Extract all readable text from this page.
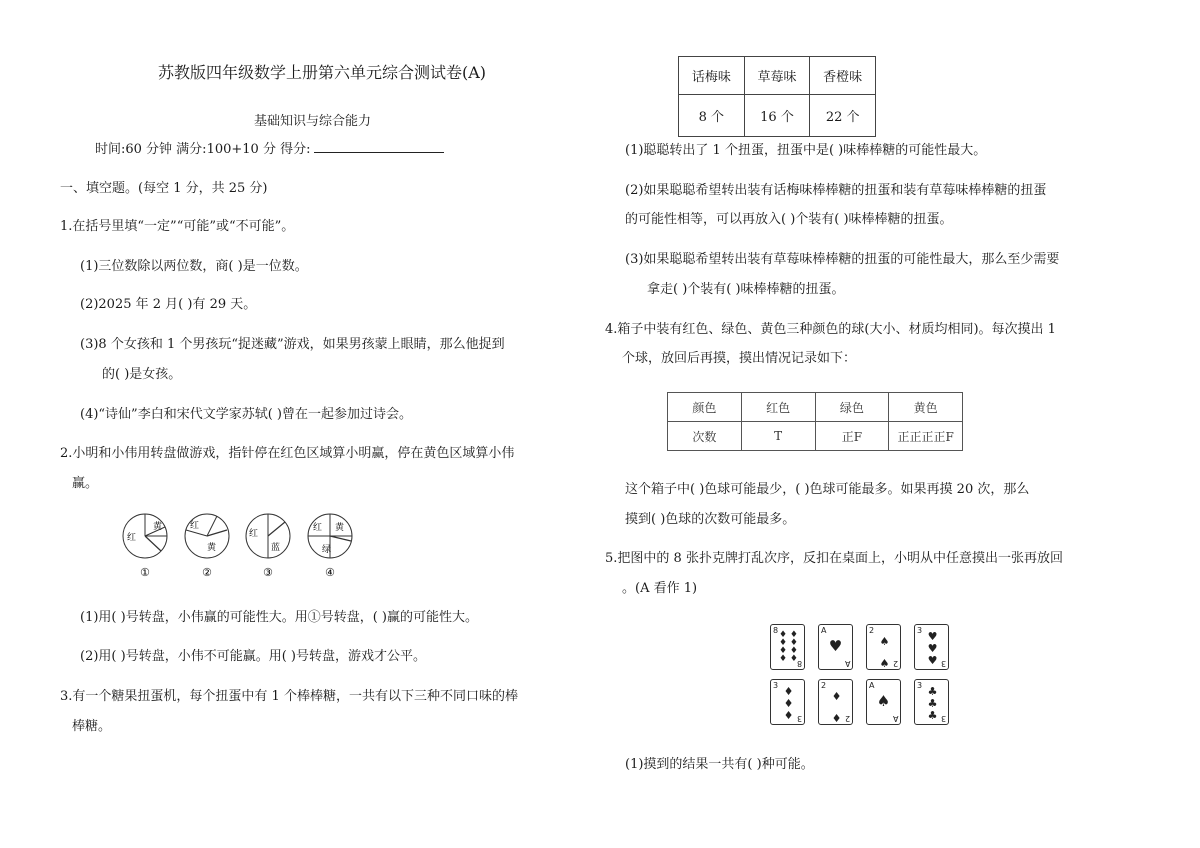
苏教版四年级数学上册第六单元综合测试卷(A)
基础知识与综合能力
时间:60 分钟 满分:100+10 分 得分:
一、填空题。(每空 1 分，共 25 分)
1.在括号里填“一定”“可能”或“不可能”。
(1)三位数除以两位数，商( )是一位数。
(2)2025 年 2 月( )有 29 天。
(3)8 个女孩和 1 个男孩玩“捉迷藏”游戏，如果男孩蒙上眼睛，那么他捉到
的( )是女孩。
(4)“诗仙”李白和宋代文学家苏轼( )曾在一起参加过诗会。
2.小明和小伟用转盘做游戏，指针停在红色区域算小明赢，停在黄色区域算小伟
赢。
黄
红
①
红
黄
②
红
蓝
③
红 黄
绿
④
(1)用( )号转盘，小伟赢的可能性大。用①号转盘，( )赢的可能性大。
(2)用( )号转盘，小伟不可能赢。用( )号转盘，游戏才公平。
3.有一个糖果扭蛋机，每个扭蛋中有 1 个棒棒糖，一共有以下三种不同口味的棒
棒糖。
话梅味	草莓味	香橙味
8 个	16 个	22 个
(1)聪聪转出了 1 个扭蛋，扭蛋中是( )味棒棒糖的可能性最大。
(2)如果聪聪希望转出装有话梅味棒棒糖的扭蛋和装有草莓味棒棒糖的扭蛋
的可能性相等，可以再放入( )个装有( )味棒棒糖的扭蛋。
(3)如果聪聪希望转出装有草莓味棒棒糖的扭蛋的可能性最大，那么至少需要
拿走( )个装有( )味棒棒糖的扭蛋。
4.箱子中装有红色、绿色、黄色三种颜色的球(大小、材质均相同)。每次摸出 1
个球，放回后再摸，摸出情况记录如下：
颜色	红色	绿色	黄色
次数	T	正F	正正正正F
这个箱子中( )色球可能最少，( )色球可能最多。如果再摸 20 次，那么
摸到( )色球的次数可能最多。
5.把图中的 8 张扑克牌打乱次序，反扣在桌面上，小明从中任意摸出一张再放回
。(A 看作 1)
8
8
♦ ♦
♦ ♦
♦ ♦
♦ ♦

A
A
♥
2
2
♠
♠
3
3
♥
♥
♥
3
3
♦
♦
♦
2
2
♦
♦
A
A
♠
3
3
♣
♣
♣
(1)摸到的结果一共有( )种可能。
